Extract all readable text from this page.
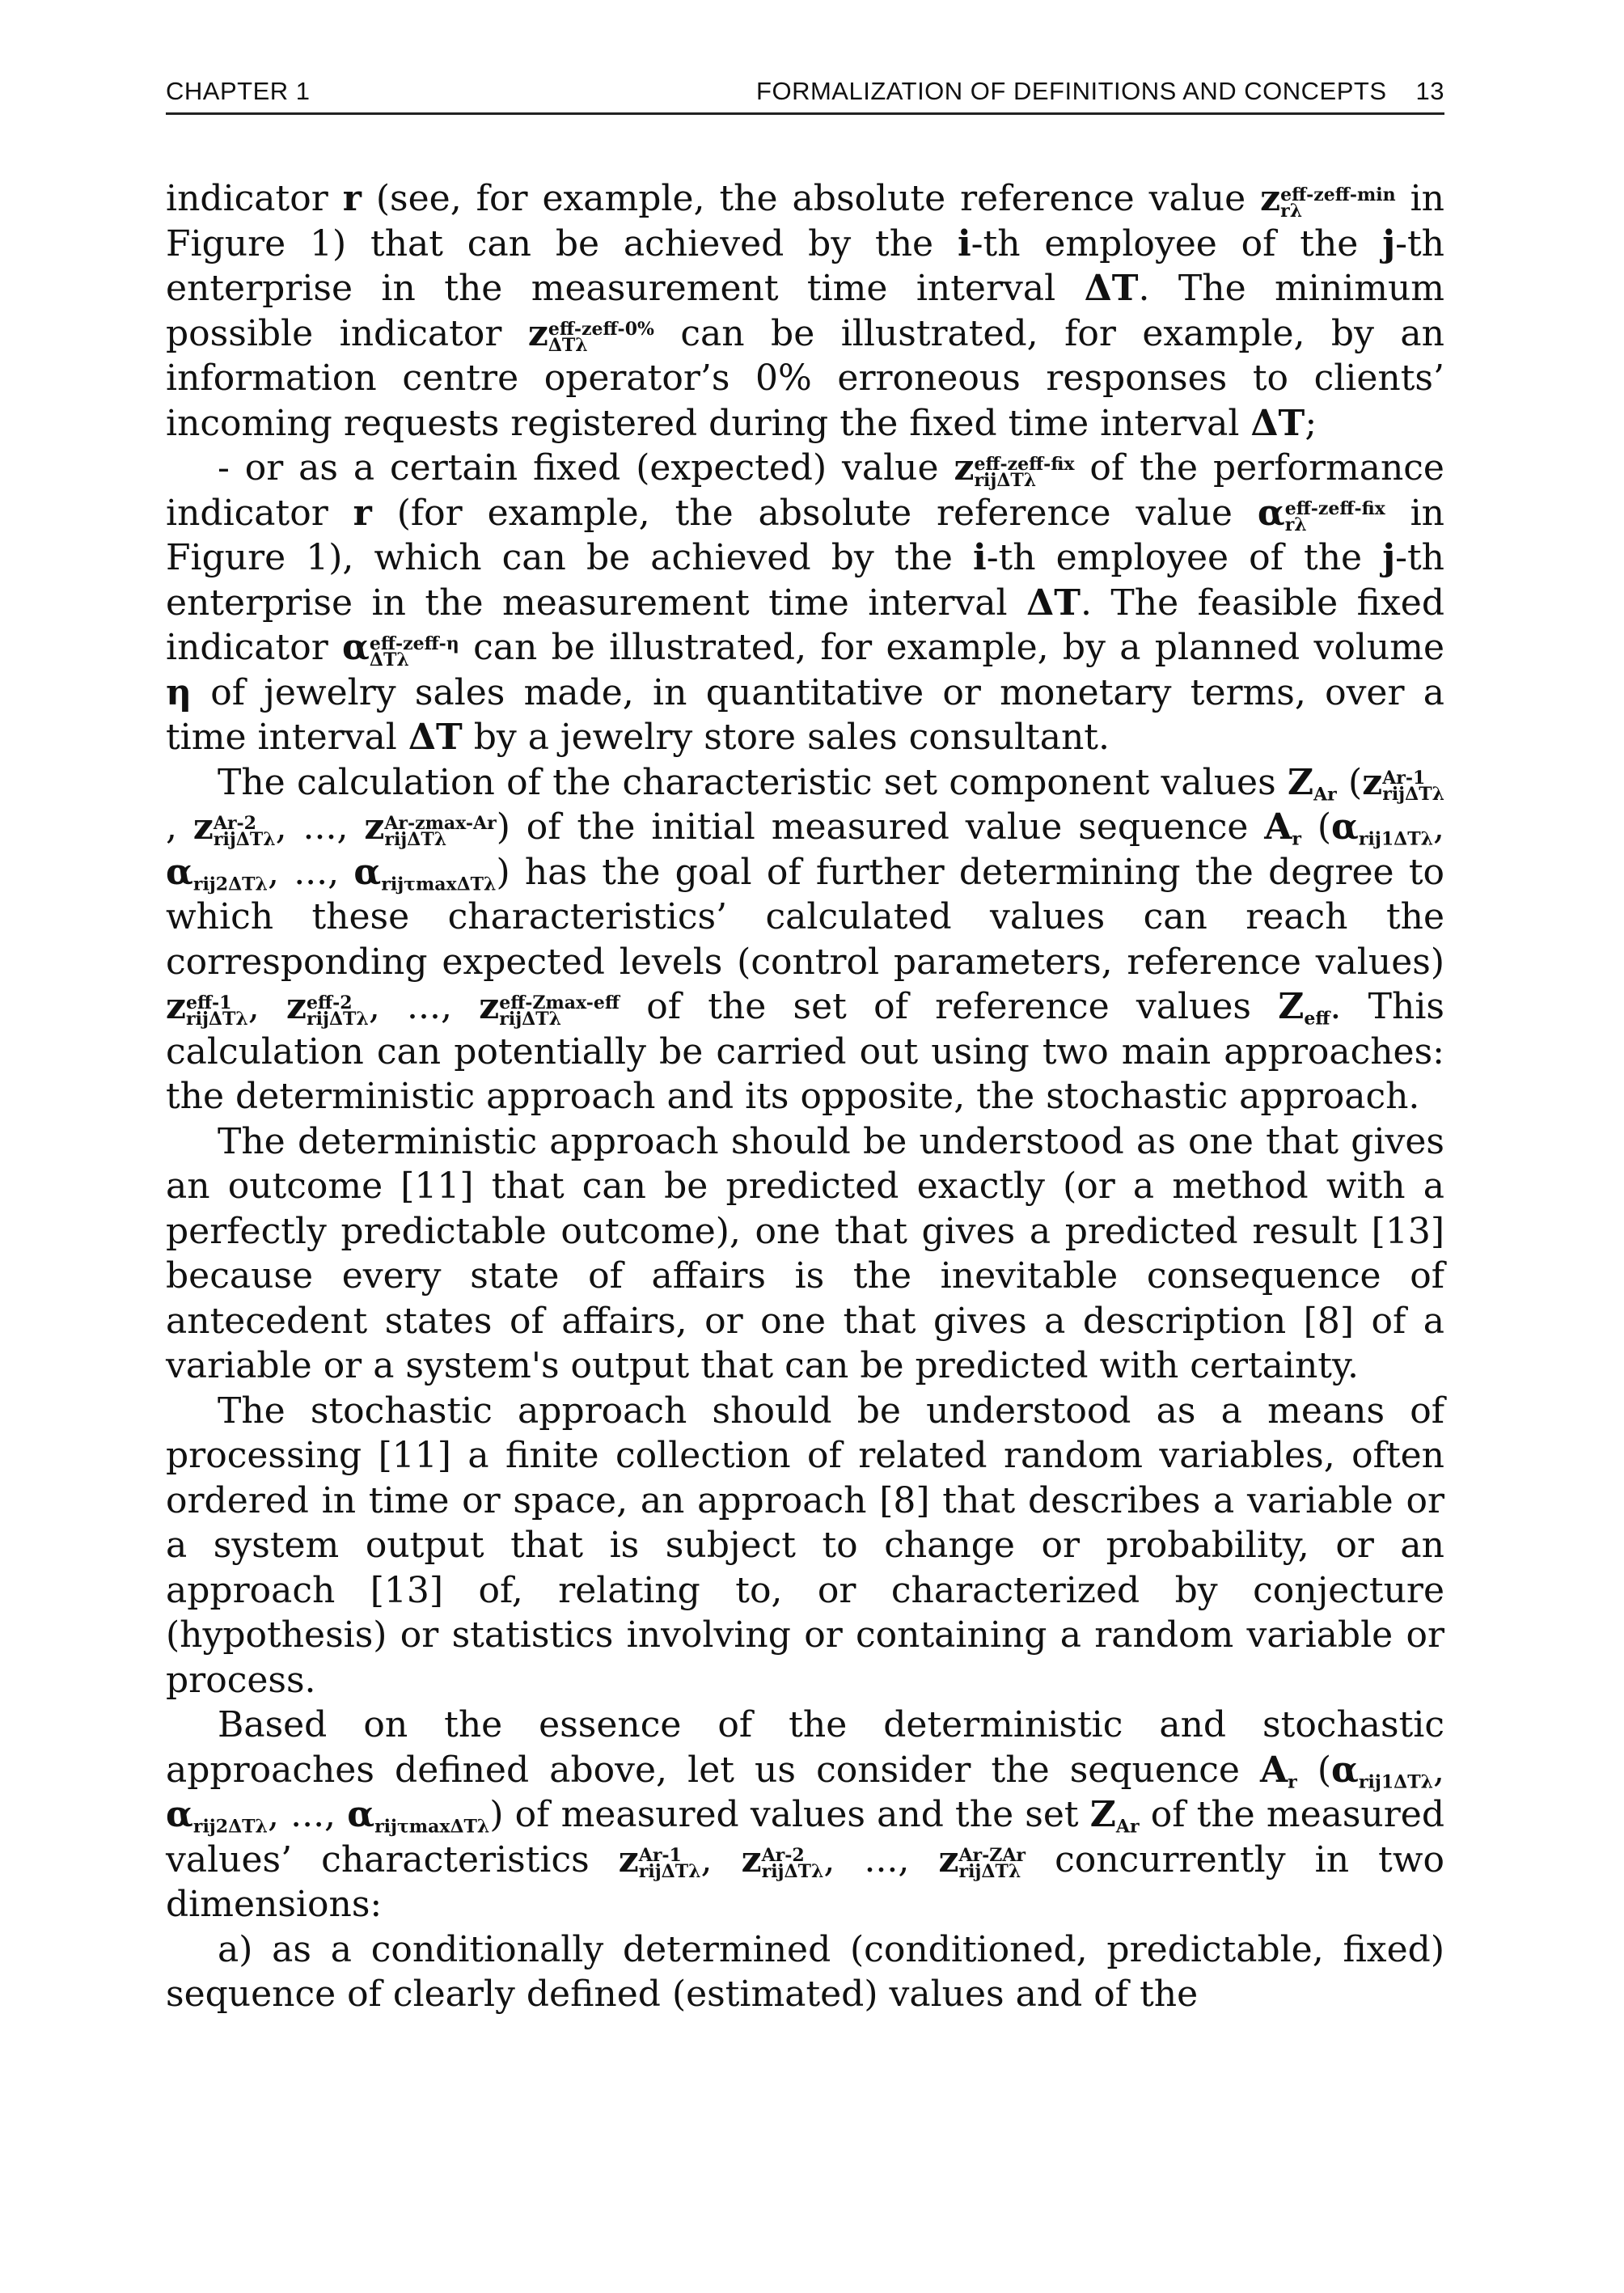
CHAPTER 1	FORMALIZATION OF DEFINITIONS AND CONCEPTS 13

indicator r (see, for example, the absolute reference value z eff-zeff-min
rλ	in Figure 1) that can be achieved by the i-th employee of the j-th enterprise in the measurement time interval ΔT. The minimum possible indicator z eff-zeff-0%
ΔTλ	can be illustrated, for example, by an information centre operator’s 0% erroneous responses to clients’ incoming requests registered during the fixed time interval ΔT;

- or as a certain fixed (expected) value z eff-zeff-fix
rijΔTλ	of the performance indicator r (for example, the absolute reference value α eff-zeff-fix
rλ	in Figure 1), which can be achieved by the i-th employee of the j-th enterprise in the measurement time interval ΔT. The feasible fixed indicator α eff-zeff-η
ΔTλ	can be illustrated, for example, by a planned volume η of jewelry sales made, in quantitative or monetary terms, over a time interval ΔT by a jewelry store sales consultant.

The calculation of the characteristic set component values $Z_{Ar}$ (z Ar-1
rijΔTλ
, z Ar-2
rijΔTλ , ..., z Ar-zmax-Ar
rijΔTλ	) of the initial measured value sequence $A_r$ ($\alpha_{rij1\Delta T\lambda}$, $\alpha_{rij2\Delta T\lambda}$, ..., $\alpha_{rij\tau max\Delta T\lambda}$) has the goal of further determining the degree to which these characteristics’ calculated values can reach the corresponding expected levels (control parameters, reference values) z eff-1
rijΔTλ , z eff-2
rijΔTλ , ..., z eff-Zmax-eff
rijΔTλ	of the set of reference values $Z_{eff}$. This calculation can potentially be carried out using two main approaches: the deterministic approach and its opposite, the stochastic approach.

The deterministic approach should be understood as one that gives an outcome [11] that can be predicted exactly (or a method with a perfectly predictable outcome), one that gives a predicted result [13] because every state of affairs is the inevitable consequence of antecedent states of affairs, or one that gives a description [8] of a variable or a system's output that can be predicted with certainty.

The stochastic approach should be understood as a means of processing [11] a finite collection of related random variables, often ordered in time or space, an approach [8] that describes a variable or a system output that is subject to change or probability, or an approach [13] of, relating to, or characterized by conjecture (hypothesis) or statistics involving or containing a random variable or process.

Based on the essence of the deterministic and stochastic approaches defined above, let us consider the sequence $A_r$ ($\alpha_{rij1\Delta T\lambda}$, $\alpha_{rij2\Delta T\lambda}$, ..., $\alpha_{rij\tau max\Delta T\lambda}$) of measured values and the set $Z_{Ar}$ of the measured values’ characteristics z Ar-1
rijΔTλ , z Ar-2
rijΔTλ , ..., z Ar-ZAr
rijΔTλ concurrently in two dimensions:

a) as a conditionally determined (conditioned, predictable, fixed) sequence of clearly defined (estimated) values and of the
